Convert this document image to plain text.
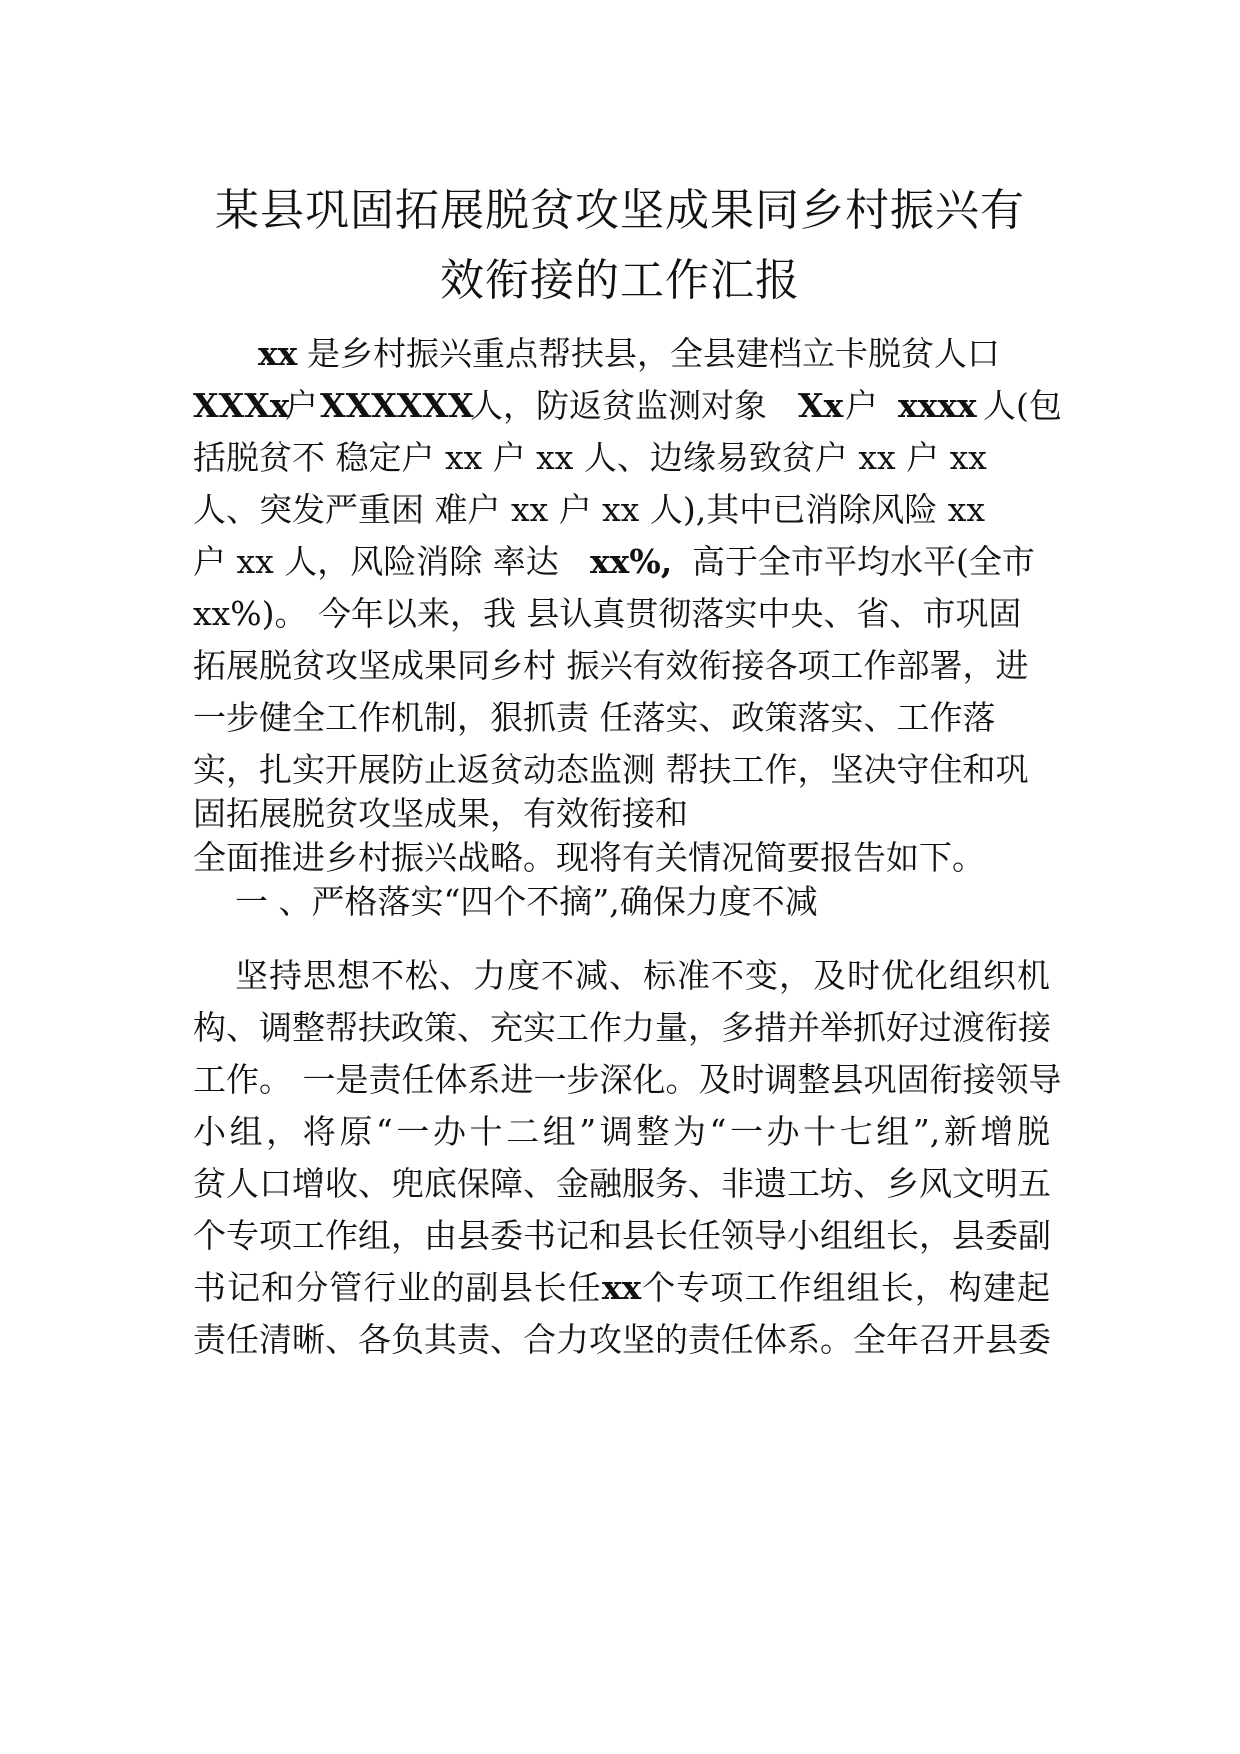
某县巩固拓展脱贫攻坚成果同乡村振兴有
效衔接的工作汇报
xx 是乡村振兴重点帮扶县，全县建档立卡脱贫人口
XXXx
户 XXXXXX
人，防返贫监测对象 Xx 户 xxxx 人(包
括脱贫不 稳定户 xx 户 xx 人、边缘易致贫户 xx 户 xx
人、突发严重困 难户 xx 户 xx 人),其中已消除风险 xx
户 xx 人，风险消除 率达 xx%, 高于全市平均水平(全市
xx%)。 今年以来，我 县认真贯彻落实中央、省、市巩固
拓展脱贫攻坚成果同乡村 振兴有效衔接各项工作部署，进
一步健全工作机制，狠抓责 任落实、政策落实、工作落
实，扎实开展防止返贫动态监测 帮扶工作，坚决守住和巩
固拓展脱贫攻坚成果，有效衔接和
全面推进乡村振兴战略。现将有关情况简要报告如下。
一 、严格落实“四个不摘”,确保力度不减
坚持思想不松、力度不减、标准不变，及时优化组织机
构、调整帮扶政策、充实工作力量，多措并举抓好过渡衔接
工作。 一是责任体系进一步深化。及时调整县巩固衔接领导
小组，将原“一办十二组”调整为“一办十七组”,新增脱
贫人口增收、兜底保障、金融服务、非遗工坊、乡风文明五
个专项工作组，由县委书记和县长任领导小组组长，县委副
书记和分管行业的副县长任xx个专项工作组组长，构建起
责任清晰、各负其责、合力攻坚的责任体系。全年召开县委
